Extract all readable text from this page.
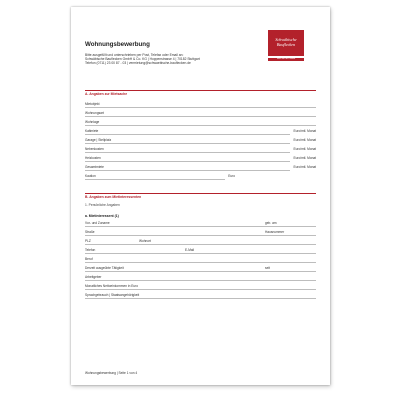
Wohnungsbewerbung
Bitte ausgefüllt und unterschrieben per Post, Telefax oder Email an:
Schwäbische Bauflecken GmbH & Co. KG | Hoppenstrasse 4 | 70182 Stuttgart
Telefon (0711) 23 00 87 - 03 | vermietung@schwaebische-bauflecken.de
Schwäbische
Bauflecken
IMMOBILIEN GMBH
A. Angaben zur Mietsache
Mietobjekt
Wohnungsart
Wohnlage
Kaltmiete	Euro/mtl. Monat
Garage | Stellplatz	Euro/mtl. Monat
Nebenkosten	Euro/mtl. Monat
Heizkosten	Euro/mtl. Monat
Gesamtmiete	Euro/mtl. Monat
Kaution	Euro
B. Angaben zum Mietinteressenten
1. Persönliche Angaben
a. Mietinteressent (1)
Vor- und Zuname	geb. am
Straße	Hausnummer
PLZ	Wohnort
Telefon	E-Mail
Beruf
Derzeit ausgeübte Tätigkeit	seit
Arbeitgeber
Monatliches Nettoeinkommen in Euro
Sprachgebrauch | Staatsangehörigkeit
Wohnungsbewerbung | Seite 1 von 4
